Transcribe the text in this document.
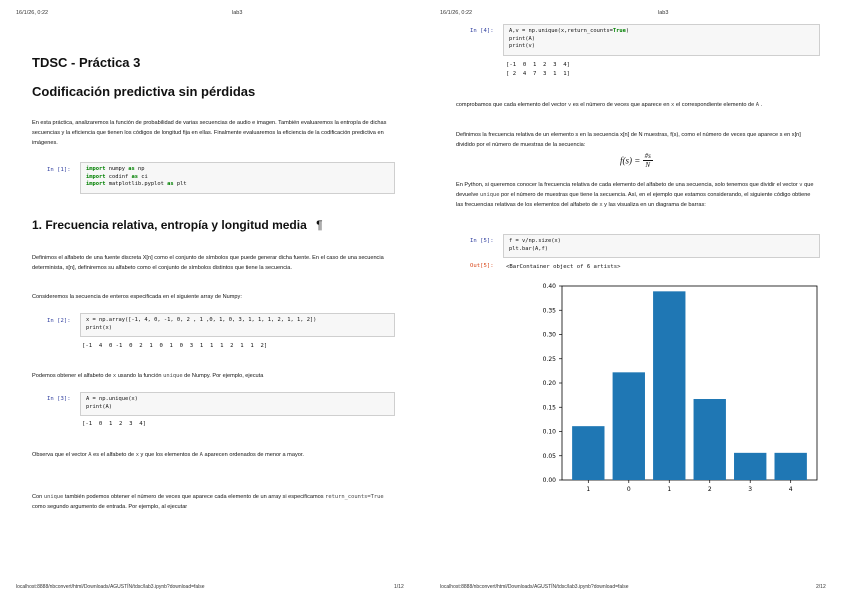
16/1/26, 0:22	lab3
TDSC - Práctica 3
Codificación predictiva sin pérdidas
En esta práctica, analizaremos la función de probabilidad de varias secuencias de audio e imagen. También evaluaremos la entropía de dichas secuencias y la eficiencia que tienen los códigos de longitud fija en ellas. Finalmente evaluaremos la eficiencia de la codificación predictiva en imágenes.
In [1]:	import numpy as np
import codinf as ci
import matplotlib.pyplot as plt
1. Frecuencia relativa, entropía y longitud media ¶
Definimos el alfabeto de una fuente discreta X[n] como el conjunto de símbolos que puede generar dicha fuente. En el caso de una secuencia determinista, x[n], definiremos su alfabeto como el conjunto de símbolos distintos que tiene la secuencia.
Consideremos la secuencia de enteros especificada en el siguiente array de Numpy:
In [2]:	x = np.array([-1, 4, 0, -1, 0, 2 , 1 ,0, 1, 0, 3, 1, 1, 1, 2, 1, 1, 2])
print(x)
[-1  4  0 -1  0  2  1  0  1  0  3  1  1  1  2  1  1  2]
Podemos obtener el alfabeto de x usando la función unique de Numpy. Por ejemplo, ejecuta
In [3]:	A = np.unique(x)
print(A)
[-1  0  1  2  3  4]
Observa que el vector A es el alfabeto de x y que los elementos de A aparecen ordenados de menor a mayor.
Con unique también podemos obtener el número de veces que aparece cada elemento de un array si especificamos return_counts=True como segundo argumento de entrada. Por ejemplo, al ejecutar
localhost:8888/nbconvert/html/Downloads/AGUSTÍN/tdsc/lab3.ipynb?download=false	1/12
16/1/26, 0:22	lab3
In [4]:	A,v = np.unique(x,return_counts=True)
print(A)
print(v)
[-1  0  1  2  3  4]
[ 2  4  7  3  1  1]
comprobamos que cada elemento del vector v es el número de veces que aparece en x el correspondiente elemento de A .
Definimos la frecuencia relativa de un elemento s en la secuencia x[n] de N muestras, f(s), como el número de veces que aparece s en x[n] dividido por el número de muestras de la secuencia:
$f(s) = \frac{\#s}{N}$
En Python, si queremos conocer la frecuencia relativa de cada elemento del alfabeto de una secuencia, solo tenemos que dividir el vector v que devuelve unique por el número de muestras que tiene la secuencia. Así, en el ejemplo que estamos considerando, el siguiente código obtiene las frecuencias relativas de los elementos del alfabeto de x y las visualiza en un diagrama de barras:
In [5]:	f = v/np.size(x)
plt.bar(A,f)
Out[5]: <BarContainer object of 6 artists>
0.00
0.05
0.10
0.15
0.20
0.25
0.30
0.35
0.40
1	0	1	2	3	4
localhost:8888/nbconvert/html/Downloads/AGUSTÍN/tdsc/lab3.ipynb?download=false	2/12
